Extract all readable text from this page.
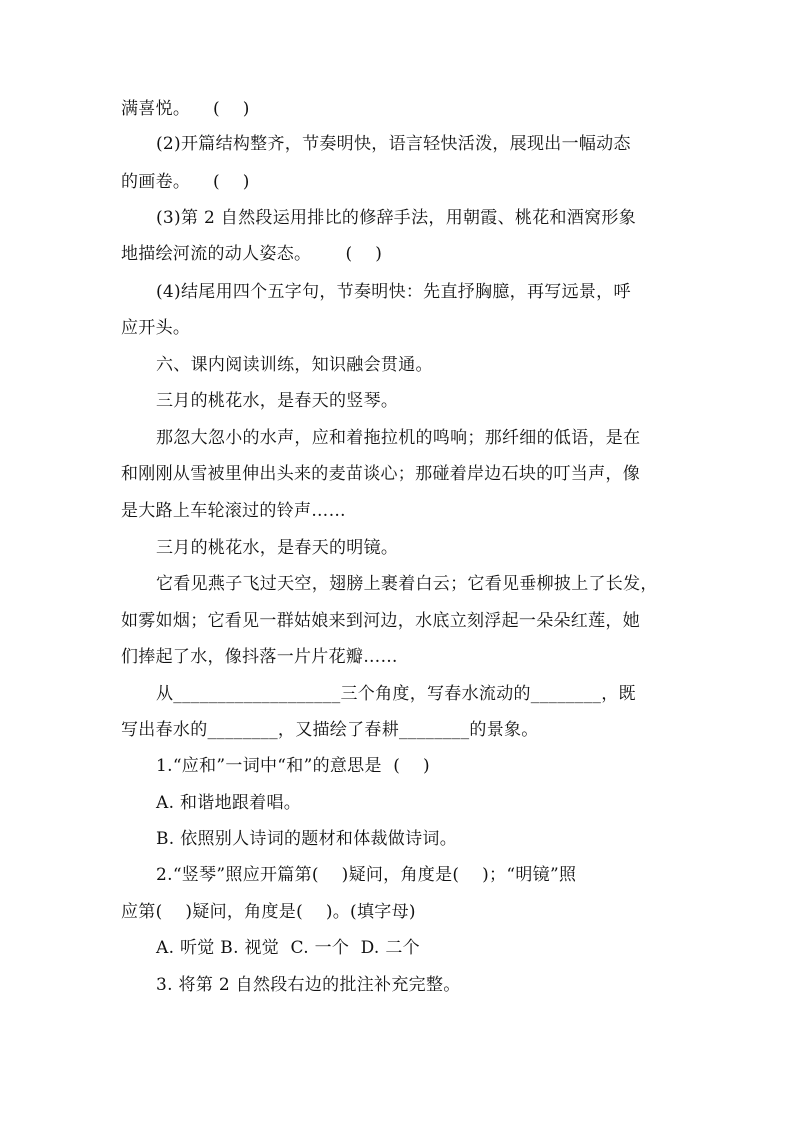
满喜悦。    (    )
(2)开篇结构整齐，节奏明快，语言轻快活泼，展现出一幅动态
的画卷。    (    )
(3)第 2 自然段运用排比的修辞手法，用朝霞、桃花和酒窝形象
地描绘河流的动人姿态。      (    )
(4)结尾用四个五字句，节奏明快：先直抒胸臆，再写远景，呼
应开头。
六、课内阅读训练，知识融会贯通。
三月的桃花水，是春天的竖琴。
那忽大忽小的水声，应和着拖拉机的鸣响；那纤细的低语，是在
和刚刚从雪被里伸出头来的麦苗谈心；那碰着岸边石块的叮当声，像
是大路上车轮滚过的铃声……
三月的桃花水，是春天的明镜。
它看见燕子飞过天空，翅膀上裹着白云；它看见垂柳披上了长发，
如雾如烟；它看见一群姑娘来到河边，水底立刻浮起一朵朵红莲，她
们捧起了水，像抖落一片片花瓣……
从___________________三个角度，写春水流动的________，既
写出春水的________，又描绘了春耕________的景象。
1.“应和”一词中“和”的意思是  (    )
A. 和谐地跟着唱。
B. 依照别人诗词的题材和体裁做诗词。
2.“竖琴”照应开篇第(    )疑问，角度是(    )；“明镜”照
应第(    )疑问，角度是(    )。(填字母)
A. 听觉 B. 视觉  C. 一个  D. 二个
3. 将第 2 自然段右边的批注补充完整。
